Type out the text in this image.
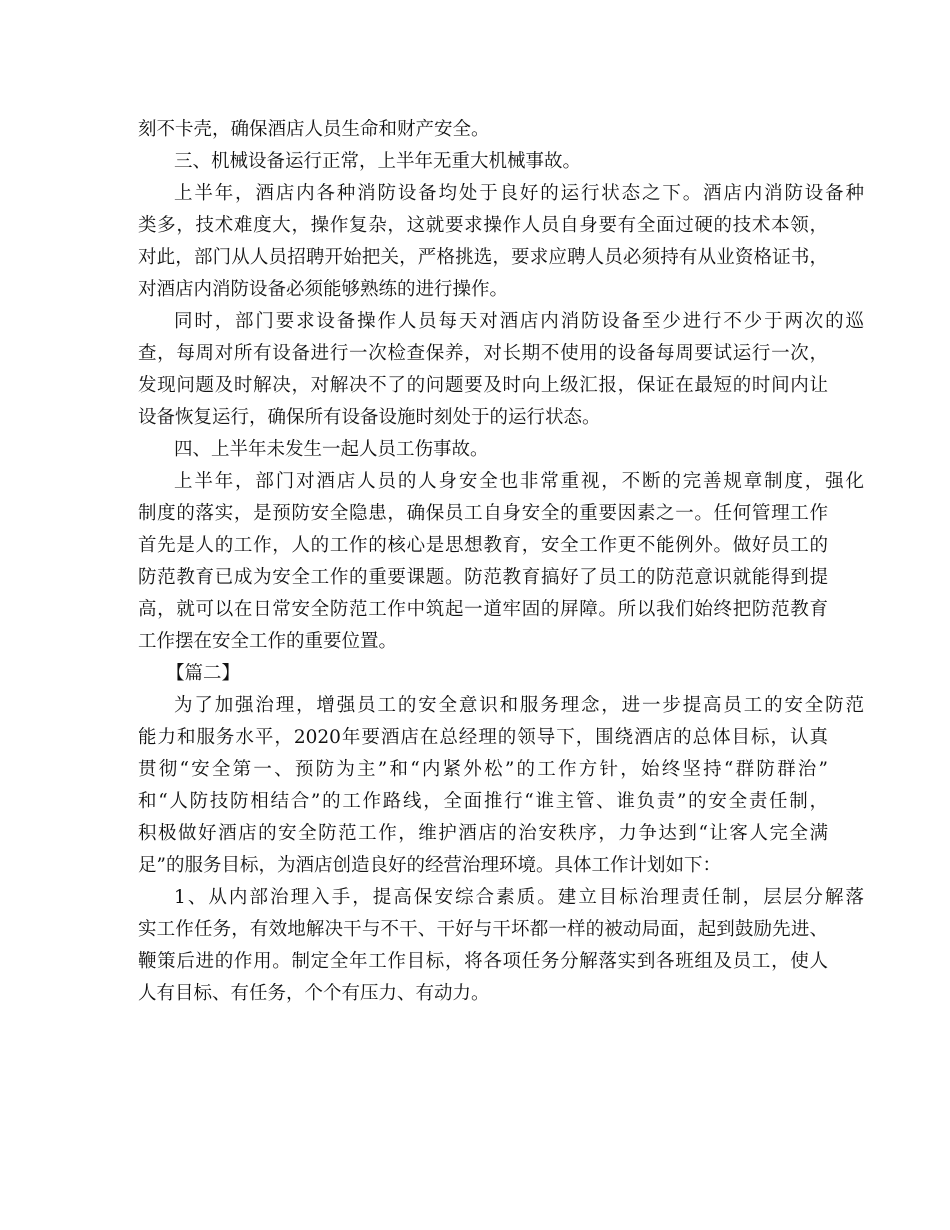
刻不卡壳，确保酒店人员生命和财产安全。
三、机械设备运行正常，上半年无重大机械事故。
上半年，酒店内各种消防设备均处于良好的运行状态之下。酒店内消防设备种
类多，技术难度大，操作复杂，这就要求操作人员自身要有全面过硬的技术本领，
对此，部门从人员招聘开始把关，严格挑选，要求应聘人员必须持有从业资格证书，
对酒店内消防设备必须能够熟练的进行操作。
同时，部门要求设备操作人员每天对酒店内消防设备至少进行不少于两次的巡
查，每周对所有设备进行一次检查保养，对长期不使用的设备每周要试运行一次，
发现问题及时解决，对解决不了的问题要及时向上级汇报，保证在最短的时间内让
设备恢复运行，确保所有设备设施时刻处于的运行状态。
四、上半年未发生一起人员工伤事故。
上半年，部门对酒店人员的人身安全也非常重视，不断的完善规章制度，强化
制度的落实，是预防安全隐患，确保员工自身安全的重要因素之一。任何管理工作
首先是人的工作，人的工作的核心是思想教育，安全工作更不能例外。做好员工的
防范教育已成为安全工作的重要课题。防范教育搞好了员工的防范意识就能得到提
高，就可以在日常安全防范工作中筑起一道牢固的屏障。所以我们始终把防范教育
工作摆在安全工作的重要位置。
【篇二】
为了加强治理，增强员工的安全意识和服务理念，进一步提高员工的安全防范
能力和服务水平，2020年要酒店在总经理的领导下，围绕酒店的总体目标，认真
贯彻“安全第一、预防为主”和“内紧外松”的工作方针，始终坚持“群防群治”
和“人防技防相结合”的工作路线，全面推行“谁主管、谁负责”的安全责任制，
积极做好酒店的安全防范工作，维护酒店的治安秩序，力争达到“让客人完全满
足”的服务目标，为酒店创造良好的经营治理环境。具体工作计划如下：
1、从内部治理入手，提高保安综合素质。建立目标治理责任制，层层分解落
实工作任务，有效地解决干与不干、干好与干坏都一样的被动局面，起到鼓励先进、
鞭策后进的作用。制定全年工作目标，将各项任务分解落实到各班组及员工，使人
人有目标、有任务，个个有压力、有动力。
